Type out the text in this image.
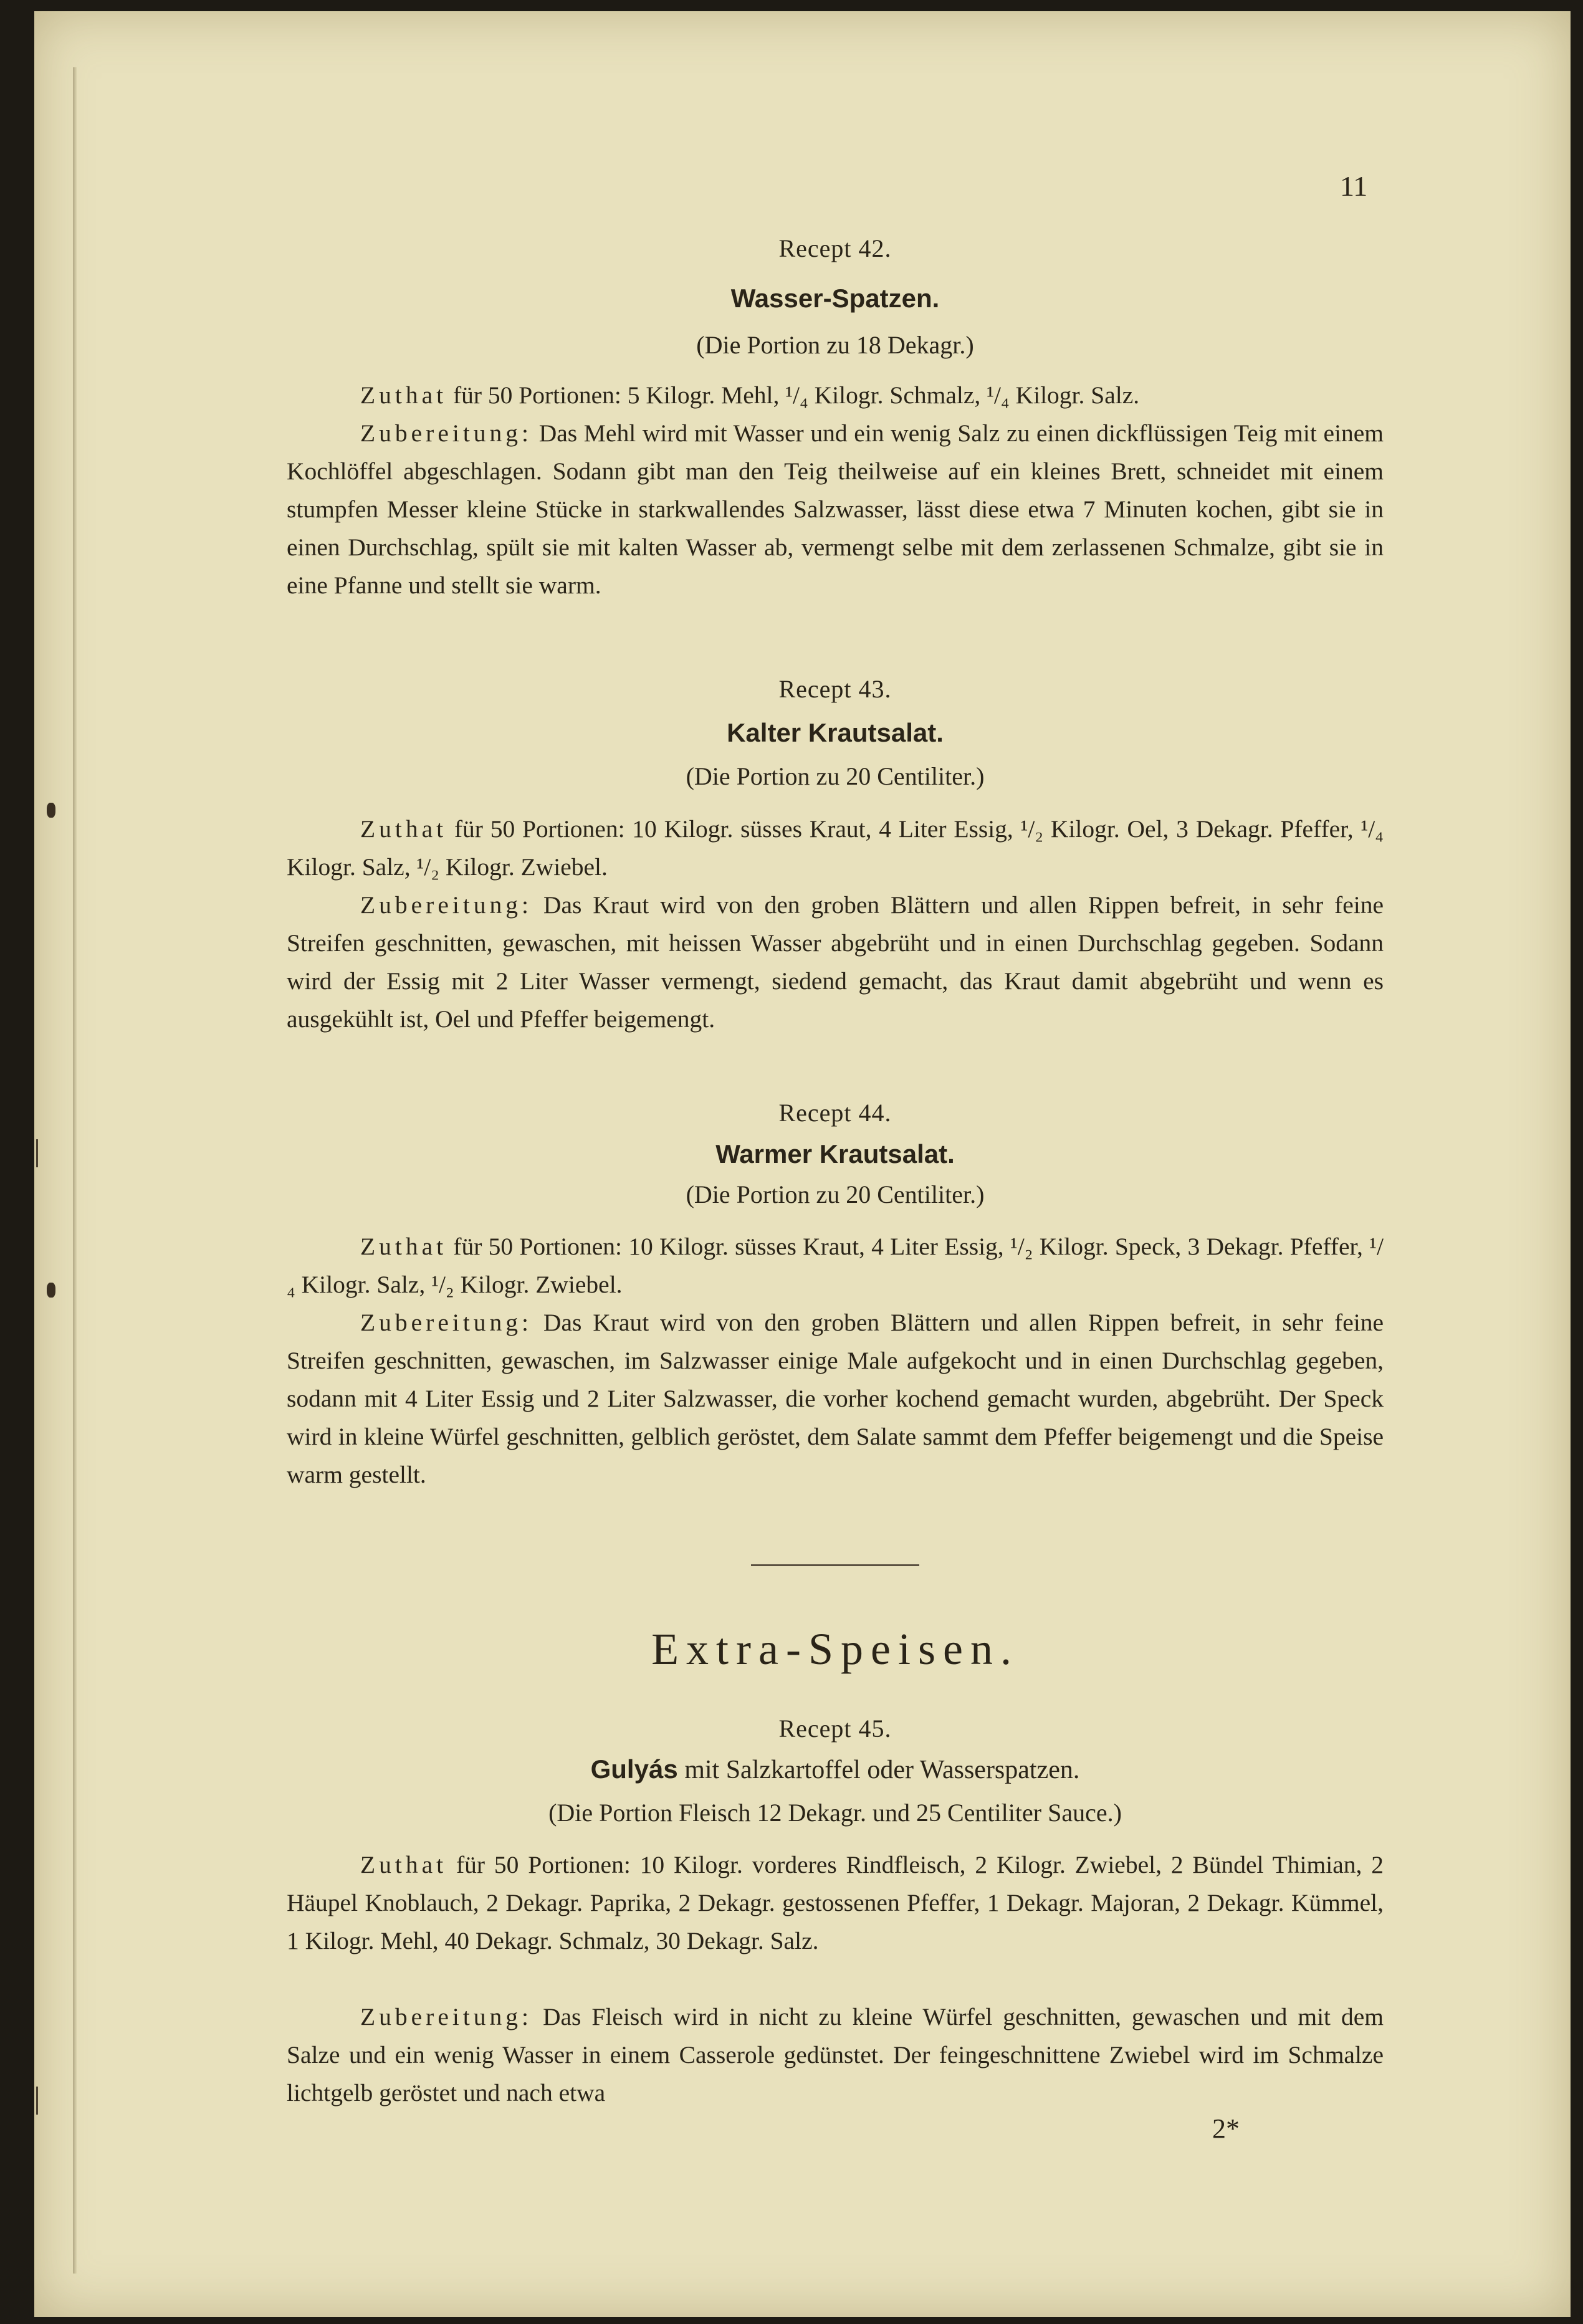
11
Recept 42.
Wasser-Spatzen.
(Die Portion zu 18 Dekagr.)

Zuthat für 50 Portionen: 5 Kilogr. Mehl, ¹/₄ Kilogr. Schmalz, ¹/₄ Kilogr. Salz.

Zubereitung: Das Mehl wird mit Wasser und ein wenig Salz zu einen dickflüssigen Teig mit einem Kochlöffel abgeschlagen. Sodann gibt man den Teig theilweise auf ein kleines Brett, schneidet mit einem stumpfen Messer kleine Stücke in starkwallendes Salzwasser, lässt diese etwa 7 Minuten kochen, gibt sie in einen Durchschlag, spült sie mit kalten Wasser ab, vermengt selbe mit dem zerlassenen Schmalze, gibt sie in eine Pfanne und stellt sie warm.

Recept 43.
Kalter Krautsalat.
(Die Portion zu 20 Centiliter.)

Zuthat für 50 Portionen: 10 Kilogr. süsses Kraut, 4 Liter Essig, ¹/₂ Kilogr. Oel, 3 Dekagr. Pfeffer, ¹/₄ Kilogr. Salz, ¹/₂ Kilogr. Zwiebel.

Zubereitung: Das Kraut wird von den groben Blättern und allen Rippen befreit, in sehr feine Streifen geschnitten, gewaschen, mit heissen Wasser abgebrüht und in einen Durchschlag gegeben. Sodann wird der Essig mit 2 Liter Wasser vermengt, siedend gemacht, das Kraut damit abgebrüht und wenn es ausgekühlt ist, Oel und Pfeffer beigemengt.

Recept 44.
Warmer Krautsalat.
(Die Portion zu 20 Centiliter.)

Zuthat für 50 Portionen: 10 Kilogr. süsses Kraut, 4 Liter Essig, ¹/₂ Kilogr. Speck, 3 Dekagr. Pfeffer, ¹/₄ Kilogr. Salz, ¹/₂ Kilogr. Zwiebel.

Zubereitung: Das Kraut wird von den groben Blättern und allen Rippen befreit, in sehr feine Streifen geschnitten, gewaschen, im Salzwasser einige Male aufgekocht und in einen Durchschlag gegeben, sodann mit 4 Liter Essig und 2 Liter Salzwasser, die vorher kochend gemacht wurden, abgebrüht. Der Speck wird in kleine Würfel geschnitten, gelblich geröstet, dem Salate sammt dem Pfeffer beigemengt und die Speise warm gestellt.

Extra-Speisen.
Recept 45.
Gulyás mit Salzkartoffel oder Wasserspatzen.
(Die Portion Fleisch 12 Dekagr. und 25 Centiliter Sauce.)

Zuthat für 50 Portionen: 10 Kilogr. vorderes Rindfleisch, 2 Kilogr. Zwiebel, 2 Bündel Thimian, 2 Häupel Knoblauch, 2 Dekagr. Paprika, 2 Dekagr. gestossenen Pfeffer, 1 Dekagr. Majoran, 2 Dekagr. Kümmel, 1 Kilogr. Mehl, 40 Dekagr. Schmalz, 30 Dekagr. Salz.

Zubereitung: Das Fleisch wird in nicht zu kleine Würfel geschnitten, gewaschen und mit dem Salze und ein wenig Wasser in einem Casserole gedünstet. Der feingeschnittene Zwiebel wird im Schmalze lichtgelb geröstet und nach etwa

2*
